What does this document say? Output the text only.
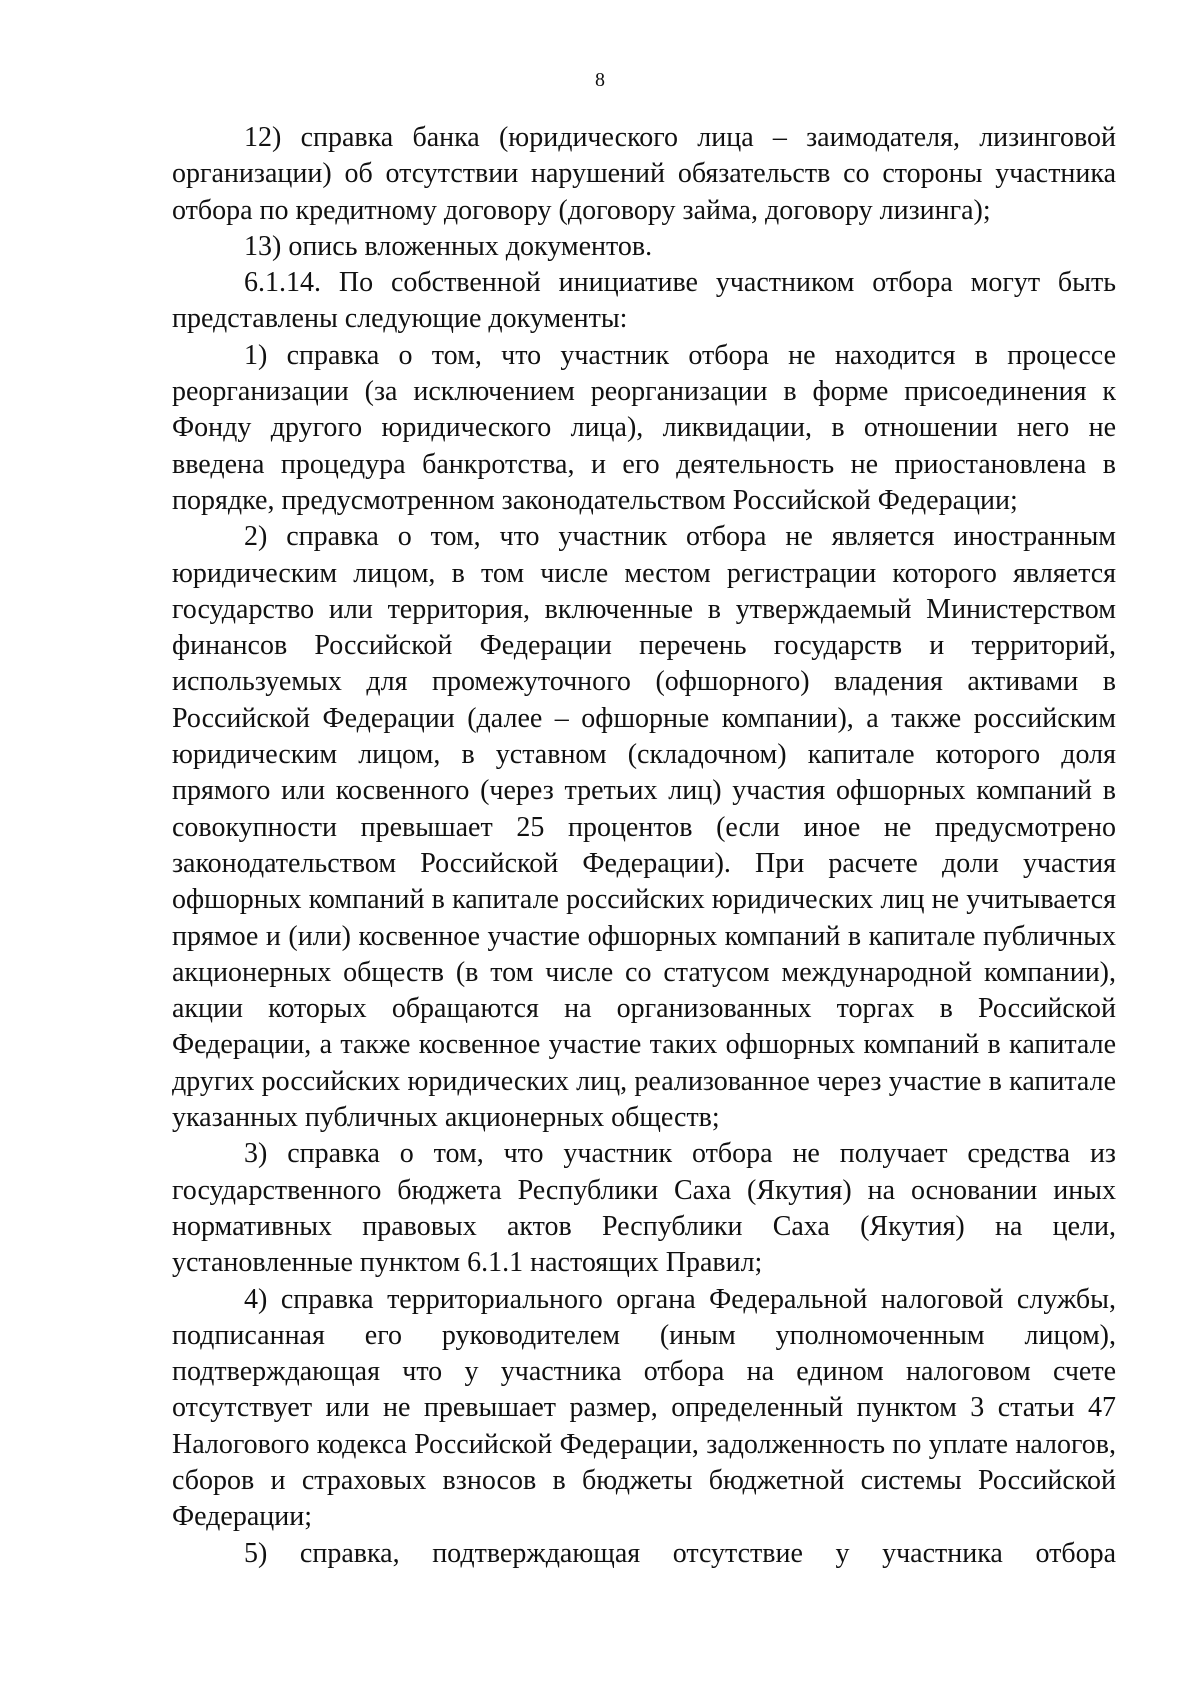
8

12) справка банка (юридического лица – заимодателя, лизинговой организации) об отсутствии нарушений обязательств со стороны участника отбора по кредитному договору (договору займа, договору лизинга);

13) опись вложенных документов.

6.1.14. По собственной инициативе участником отбора могут быть представлены следующие документы:

1) справка о том, что участник отбора не находится в процессе реорганизации (за исключением реорганизации в форме присоединения к Фонду другого юридического лица), ликвидации, в отношении него не введена процедура банкротства, и его деятельность не приостановлена в порядке, предусмотренном законодательством Российской Федерации;

2) справка о том, что участник отбора не является иностранным юридическим лицом, в том числе местом регистрации которого является государство или территория, включенные в утверждаемый Министерством финансов Российской Федерации перечень государств и территорий, используемых для промежуточного (офшорного) владения активами в Российской Федерации (далее – офшорные компании), а также российским юридическим лицом, в уставном (складочном) капитале которого доля прямого или косвенного (через третьих лиц) участия офшорных компаний в совокупности превышает 25 процентов (если иное не предусмотрено законодательством Российской Федерации). При расчете доли участия офшорных компаний в капитале российских юридических лиц не учитывается прямое и (или) косвенное участие офшорных компаний в капитале публичных акционерных обществ (в том числе со статусом международной компании), акции которых обращаются на организованных торгах в Российской Федерации, а также косвенное участие таких офшорных компаний в капитале других российских юридических лиц, реализованное через участие в капитале указанных публичных акционерных обществ;

3) справка о том, что участник отбора не получает средства из государственного бюджета Республики Саха (Якутия) на основании иных нормативных правовых актов Республики Саха (Якутия) на цели, установленные пунктом 6.1.1 настоящих Правил;

4) справка территориального органа Федеральной налоговой службы, подписанная его руководителем (иным уполномоченным лицом), подтверждающая что у участника отбора на едином налоговом счете отсутствует или не превышает размер, определенный пунктом 3 статьи 47 Налогового кодекса Российской Федерации, задолженность по уплате налогов, сборов и страховых взносов в бюджеты бюджетной системы Российской Федерации;

5) справка, подтверждающая отсутствие у участника отбора
